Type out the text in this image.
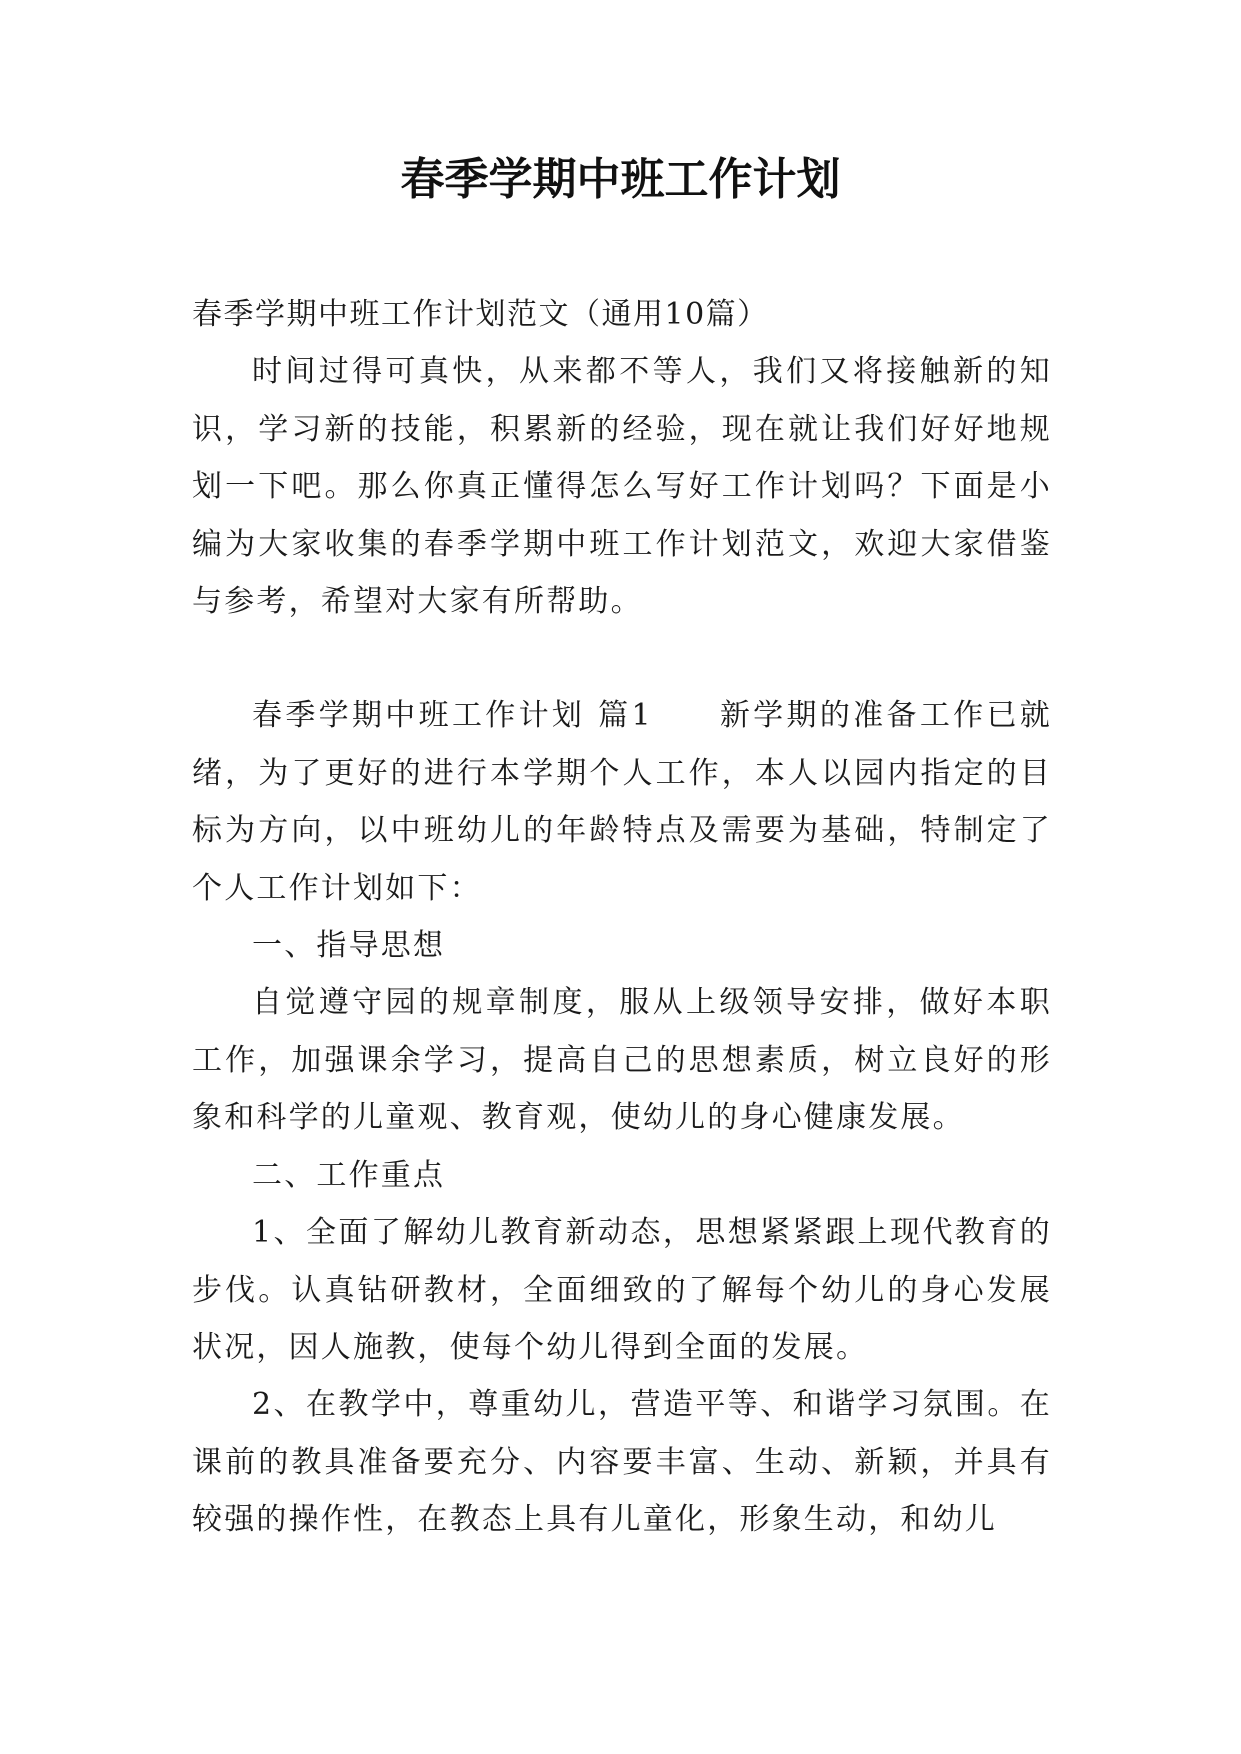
春季学期中班工作计划
春季学期中班工作计划范文（通用10篇）

时间过得可真快，从来都不等人，我们又将接触新的知识，学习新的技能，积累新的经验，现在就让我们好好地规划一下吧。那么你真正懂得怎么写好工作计划吗？下面是小编为大家收集的春季学期中班工作计划范文，欢迎大家借鉴与参考，希望对大家有所帮助。

春季学期中班工作计划 篇1 新学期的准备工作已就绪，为了更好的进行本学期个人工作，本人以园内指定的目标为方向，以中班幼儿的年龄特点及需要为基础，特制定了个人工作计划如下：

一、指导思想

自觉遵守园的规章制度，服从上级领导安排，做好本职工作，加强课余学习，提高自己的思想素质，树立良好的形象和科学的儿童观、教育观，使幼儿的身心健康发展。

二、工作重点

1、全面了解幼儿教育新动态，思想紧紧跟上现代教育的步伐。认真钻研教材，全面细致的了解每个幼儿的身心发展状况，因人施教，使每个幼儿得到全面的发展。

2、在教学中，尊重幼儿，营造平等、和谐学习氛围。在课前的教具准备要充分、内容要丰富、生动、新颖，并具有较强的操作性，在教态上具有儿童化，形象生动，和幼儿
